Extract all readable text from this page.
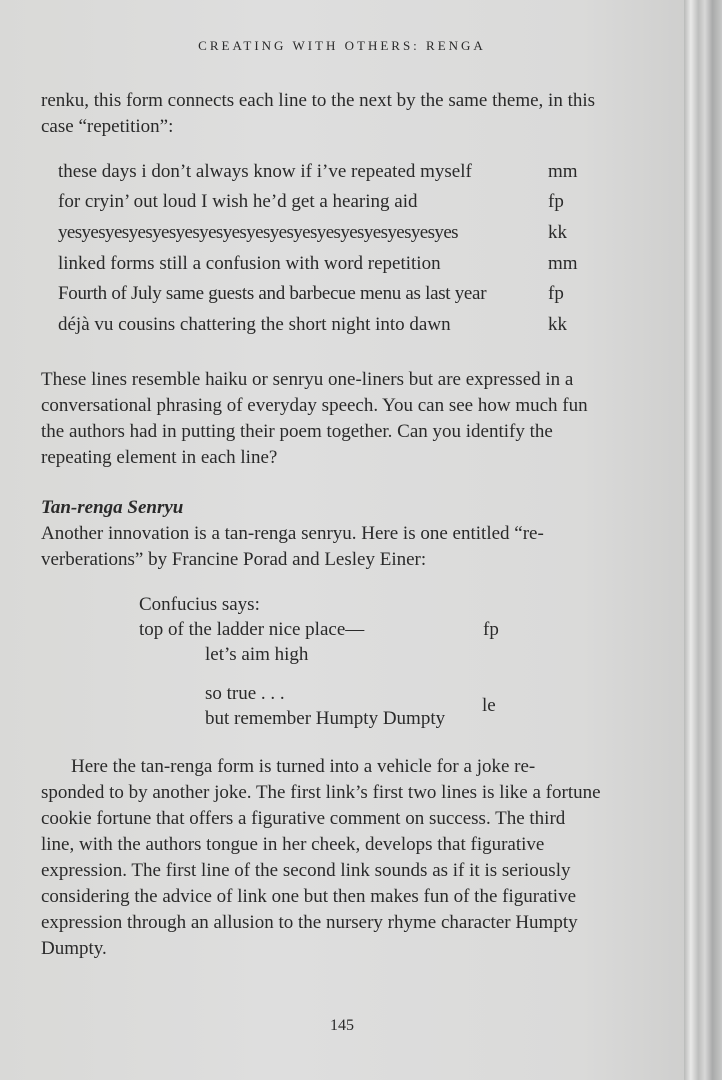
CREATING WITH OTHERS: RENGA

renku, this form connects each line to the next by the same theme, in this case “repetition”:

these days i don’t always know if i’ve repeated myself	mm
for cryin’ out loud I wish he’d get a hearing aid	fp
yesyesyesyesyesyesyesyesyesyesyesyesyesyesyesyesyes	kk
linked forms still a confusion with word repetition	mm
Fourth of July same guests and barbecue menu as last year	fp
déjà vu cousins chattering the short night into dawn	kk

These lines resemble haiku or senryu one-liners but are expressed in a conversational phrasing of everyday speech. You can see how much fun the authors had in putting their poem together. Can you identify the repeating element in each line?

Tan-renga Senryu

Another innovation is a tan-renga senryu. Here is one entitled “re- verberations” by Francine Porad and Lesley Einer:

Confucius says:
top of the ladder nice place—	fp
let’s aim high
so true . . .
but remember Humpty Dumpty
le

Here the tan-renga form is turned into a vehicle for a joke re- sponded to by another joke. The first link’s first two lines is like a fortune cookie fortune that offers a figurative comment on success. The third line, with the authors tongue in her cheek, develops that figurative expression. The first line of the second link sounds as if it is seriously considering the advice of link one but then makes fun of the figurative expression through an allusion to the nursery rhyme character Humpty Dumpty.

145
